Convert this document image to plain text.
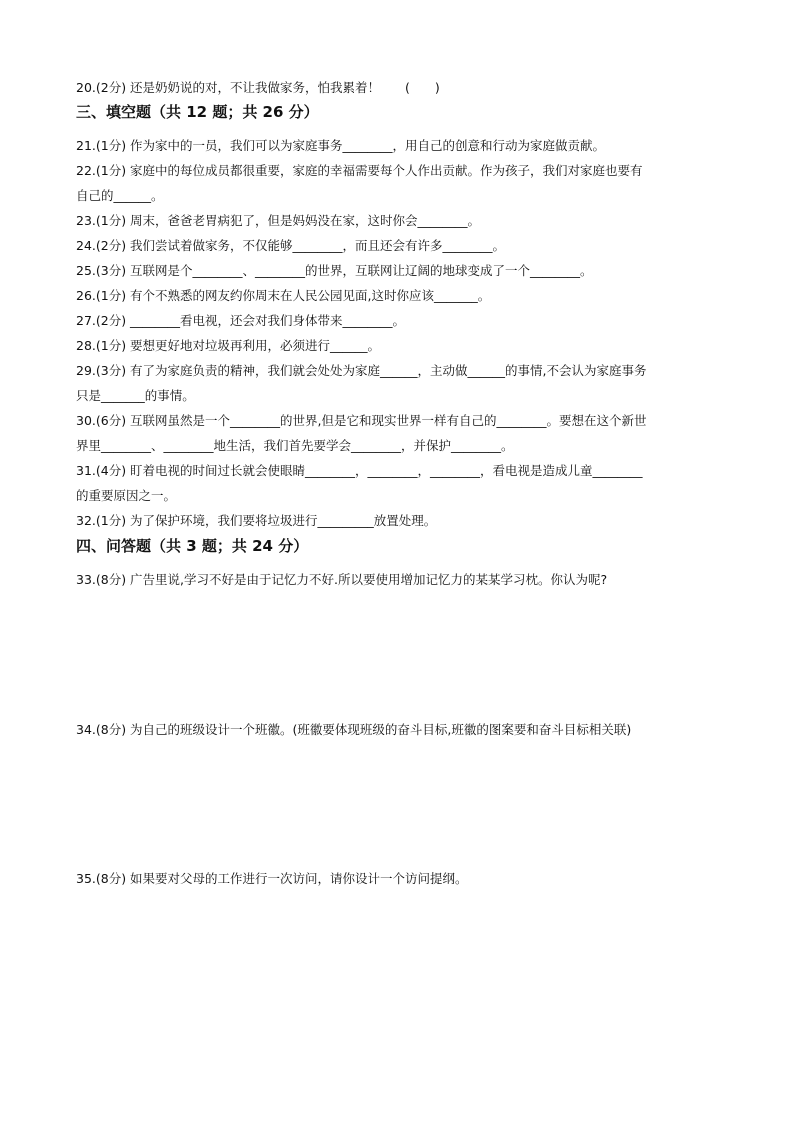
20.(2分) 还是奶奶说的对，不让我做家务，怕我累着！　　(　　)
三、填空题（共 12 题；共 26 分）
21.(1分) 作为家中的一员，我们可以为家庭事务________，用自己的创意和行动为家庭做贡献。
22.(1分) 家庭中的每位成员都很重要，家庭的幸福需要每个人作出贡献。作为孩子，我们对家庭也要有
自己的______。
23.(1分) 周末，爸爸老胃病犯了，但是妈妈没在家，这时你会________。
24.(2分) 我们尝试着做家务，不仅能够________，而且还会有许多________。
25.(3分) 互联网是个________、________的世界，互联网让辽阔的地球变成了一个________。
26.(1分) 有个不熟悉的网友约你周末在人民公园见面,这时你应该_______。
27.(2分) ________看电视，还会对我们身体带来________。
28.(1分) 要想更好地对垃圾再利用，必须进行______。
29.(3分) 有了为家庭负责的精神，我们就会处处为家庭______，主动做______的事情,不会认为家庭事务
只是_______的事情。
30.(6分) 互联网虽然是一个________的世界,但是它和现实世界一样有自己的________。要想在这个新世
界里________、________地生活，我们首先要学会________，并保护________。
31.(4分) 盯着电视的时间过长就会使眼睛________，________，________，看电视是造成儿童________
的重要原因之一。
32.(1分) 为了保护环境，我们要将垃圾进行_________放置处理。
四、问答题（共 3 题；共 24 分）
33.(8分) 广告里说,学习不好是由于记忆力不好.所以要使用增加记忆力的某某学习枕。你认为呢?
34.(8分) 为自己的班级设计一个班徽。(班徽要体现班级的奋斗目标,班徽的图案要和奋斗目标相关联)
35.(8分) 如果要对父母的工作进行一次访问，请你设计一个访问提纲。
